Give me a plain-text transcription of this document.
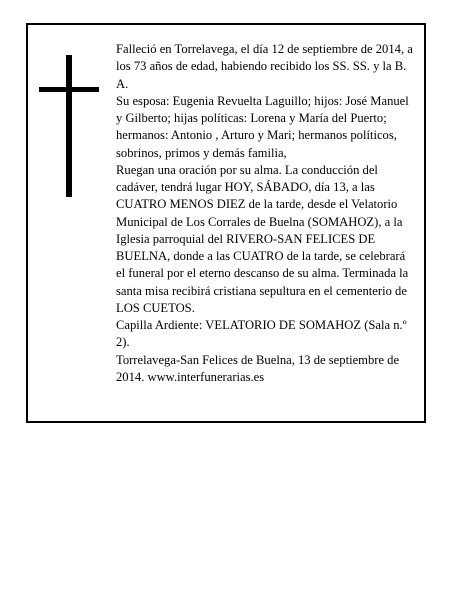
Falleció en Torrelavega, el día 12 de septiembre de 2014, a los 73 años de edad, habiendo recibido los SS. SS. y la B. A.

Su esposa: Eugenia Revuelta Laguillo; hijos: José Manuel y Gilberto; hijas políticas: Lorena y María del Puerto; hermanos: Antonio , Arturo y Mari; hermanos políticos, sobrinos, primos y demás familia,

Ruegan una oración por su alma. La conducción del cadáver, tendrá lugar HOY, SÁBADO, día 13, a las CUATRO MENOS DIEZ de la tarde, desde el Velatorio Municipal de Los Corrales de Buelna (SOMAHOZ), a la Iglesia parroquial del RIVERO-SAN FELICES DE BUELNA, donde a las CUATRO de la tarde, se celebrará el funeral por el eterno descanso de su alma. Terminada la santa misa recibirá cristiana sepultura en el cementerio de LOS CUETOS.

Capilla Ardiente: VELATORIO DE SOMAHOZ (Sala n.º 2).

Torrelavega-San Felices de Buelna, 13 de septiembre de 2014. www.interfunerarias.es
